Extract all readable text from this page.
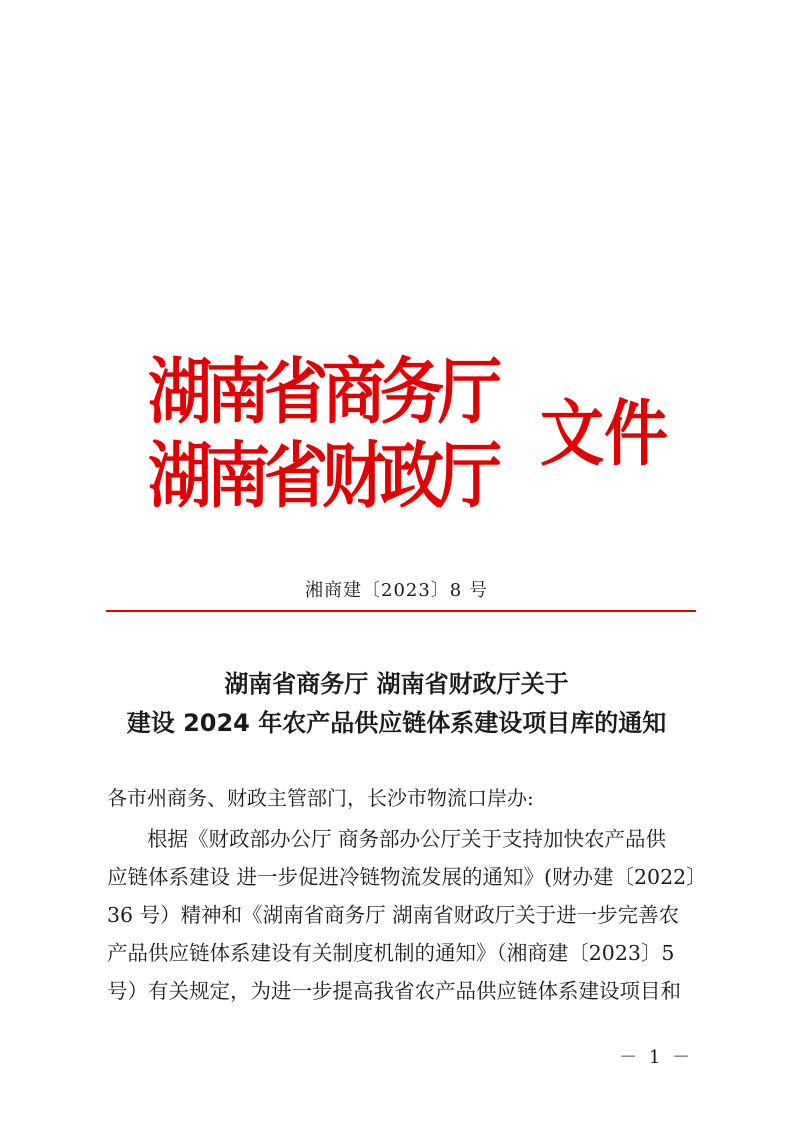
湖南省商务厅
湖南省财政厅
文件
湘商建〔2023〕8 号
湖南省商务厅 湖南省财政厅关于
建设 2024 年农产品供应链体系建设项目库的通知
各市州商务、财政主管部门，长沙市物流口岸办:
根据《财政部办公厅 商务部办公厅关于支持加快农产品供
应链体系建设 进一步促进冷链物流发展的通知》(财办建〔2022〕
36 号）精神和《湖南省商务厅 湖南省财政厅关于进一步完善农
产品供应链体系建设有关制度机制的通知》（湘商建〔2023〕5
号）有关规定，为进一步提高我省农产品供应链体系建设项目和
－ 1 －
